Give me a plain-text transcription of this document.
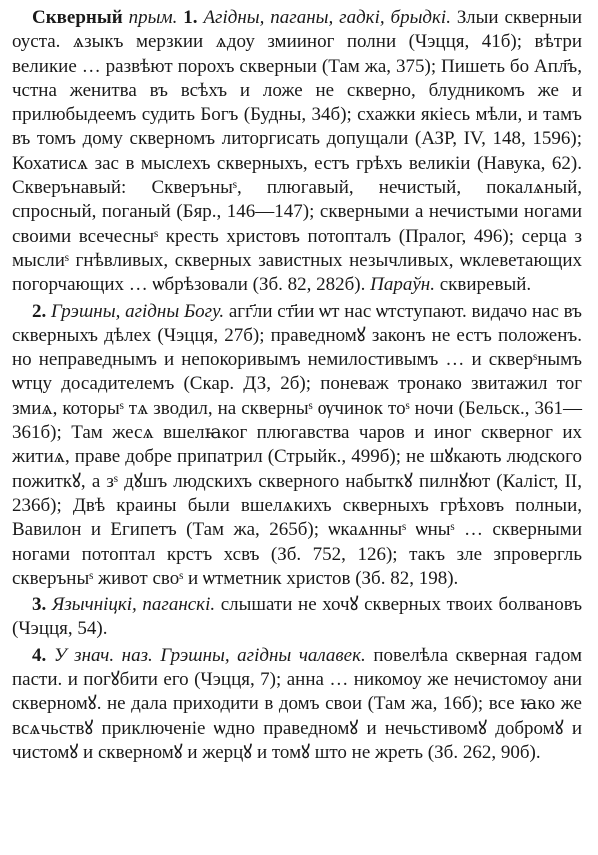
Скверный прым. 1. Агідны, паганы, гадкі, брыдкі. Злыи скверныи оуста. ѧзыкъ мерзкии ѧдоу змииног полни (Чэцця, 41б); вѣтри великие … развѣют порохъ скверныи (Там жа, 375); Пишеть бо Апл҃ъ, чстна женитва въ всѣхъ и ложе не скверно, блудникомъ же и прилюбыдеемъ судить Богъ (Будны, 34б); схажки якіесь мѣли, и тамъ въ томъ дому скверномъ литоргисать допущали (АЗР, IV, 148, 1596); Кохатисѧ зас в мыслехъ скверныхъ, естъ грѣхъ великіи (Навука, 62). Скверънавый: Скверъныˢ, плюгавый, нечистый, покалѧный, спросный, поганый (Бяр., 146—147); скверными а нечистыми ногами своими всечесныˢ кресть христовъ потопталъ (Пралог, 496); серца з мыслиˢ гнѣвливых, скверных завистных незычливых, ѡклеветающих погорчающих … ѡбрѣзовали (Зб. 82, 282б). Параўн. сквиревый.

2. Грэшны, агідны Богу. агг҃ли ст҃ии ѡт нас ѡтступают. видачо нас въ скверныхъ дѣлех (Чэцця, 27б); праведномꙋ законъ не естъ положенъ. но неправеднымъ и непокоривымъ немилостивымъ … и скверˢнымъ ѡтцу досадителемъ (Скар. ДЗ, 2б); поневаж тронако звитажил тог змиѧ, которыˢ тѧ зводил, на скверныˢ ѹчинок тоˢ ночи (Бельск., 361—361б); Там жесѧ вшелꙗког плюгавства чаров и иног скверног их житиѧ, праве добре припатрил (Стрыйк., 499б); не шꙋкають людского пожиткꙋ, а зˢ дꙋшъ людскихъ скверного набыткꙋ пилнꙋют (Каліст, II, 236б); Двѣ краины были вшелѧкихъ скверныхъ грѣховъ полныи, Вавилон и Египетъ (Там жа, 265б); ѡкаѧнныˢ ѡныˢ … скверными ногами потоптал крстъ хсвъ (Зб. 752, 126); такъ зле зпровергль скверъныˢ живот своˢ и ѡтметник христов (Зб. 82, 198).

3. Язычніцкі, паганскі. слышати не хочꙋ скверных твоих болвановъ (Чэцця, 54).

4. У знач. наз. Грэшны, агідны чалавек. повелѣла скверная гадом пасти. и погꙋбити его (Чэцця, 7); анна … никомоу же нечистомоу ани скверномꙋ. не дала приходити в домъ свои (Там жа, 16б); все ꙗко же всѧчьствꙋ приключеніе ѡдно праведномꙋ и нечьстивомꙋ добромꙋ и чистомꙋ и скверномꙋ и жерцꙋ и томꙋ што не жреть (Зб. 262, 90б).
